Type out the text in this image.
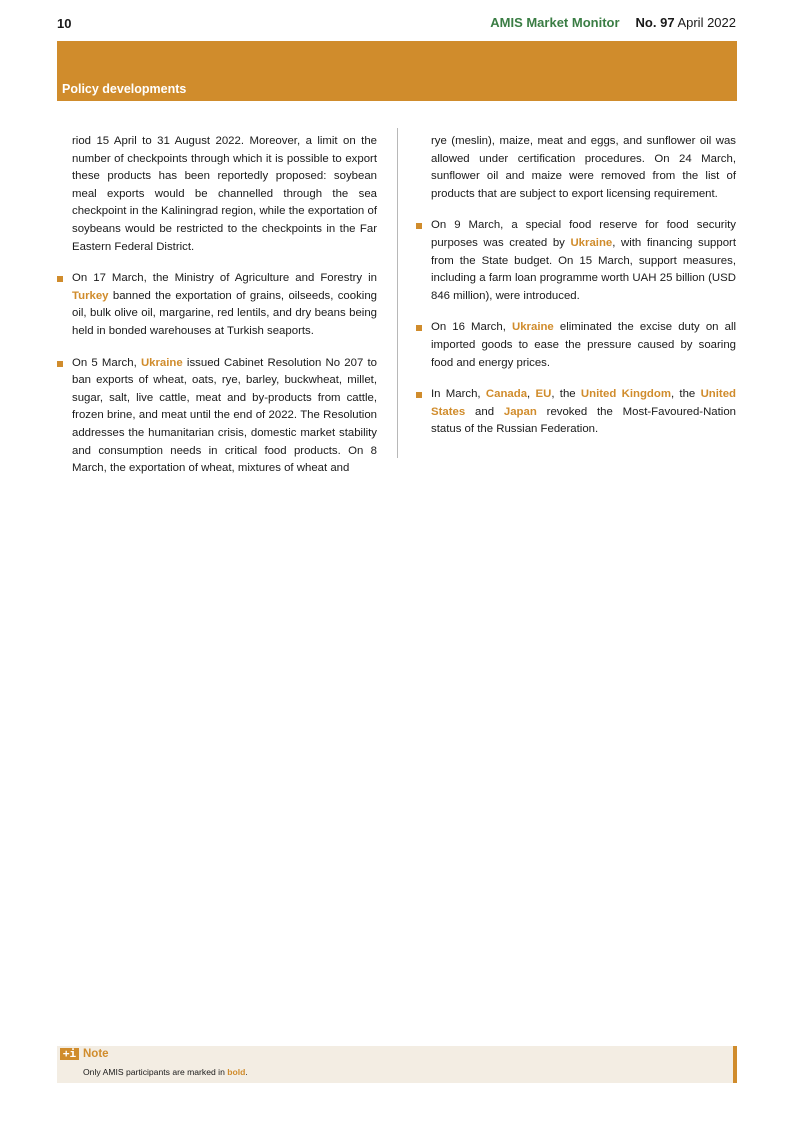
10	AMIS Market Monitor No. 97 April 2022
Policy developments

riod 15 April to 31 August 2022. Moreover, a limit on the number of checkpoints through which it is possible to export these products has been reportedly proposed: soybean meal exports would be channelled through the sea checkpoint in the Kaliningrad region, while the exportation of soybeans would be restricted to the checkpoints in the Far Eastern Federal District.

On 17 March, the Ministry of Agriculture and Forestry in Turkey banned the exportation of grains, oilseeds, cooking oil, bulk olive oil, margarine, red lentils, and dry beans being held in bonded warehouses at Turkish seaports.
On 5 March, Ukraine issued Cabinet Resolution No 207 to ban exports of wheat, oats, rye, barley, buckwheat, millet, sugar, salt, live cattle, meat and by-products from cattle, frozen brine, and meat until the end of 2022. The Resolution addresses the humanitarian crisis, domestic market stability and consumption needs in critical food products. On 8 March, the exportation of wheat, mixtures of wheat and

rye (meslin), maize, meat and eggs, and sunflower oil was allowed under certification procedures. On 24 March, sunflower oil and maize were removed from the list of products that are subject to export licensing requirement.

On 9 March, a special food reserve for food security purposes was created by Ukraine, with financing support from the State budget. On 15 March, support measures, including a farm loan programme worth UAH 25 billion (USD 846 million), were introduced.
On 16 March, Ukraine eliminated the excise duty on all imported goods to ease the pressure caused by soaring food and energy prices.
In March, Canada, EU, the United Kingdom, the United States and Japan revoked the Most-Favoured-Nation status of the Russian Federation.
+i Note
Only AMIS participants are marked in bold.
